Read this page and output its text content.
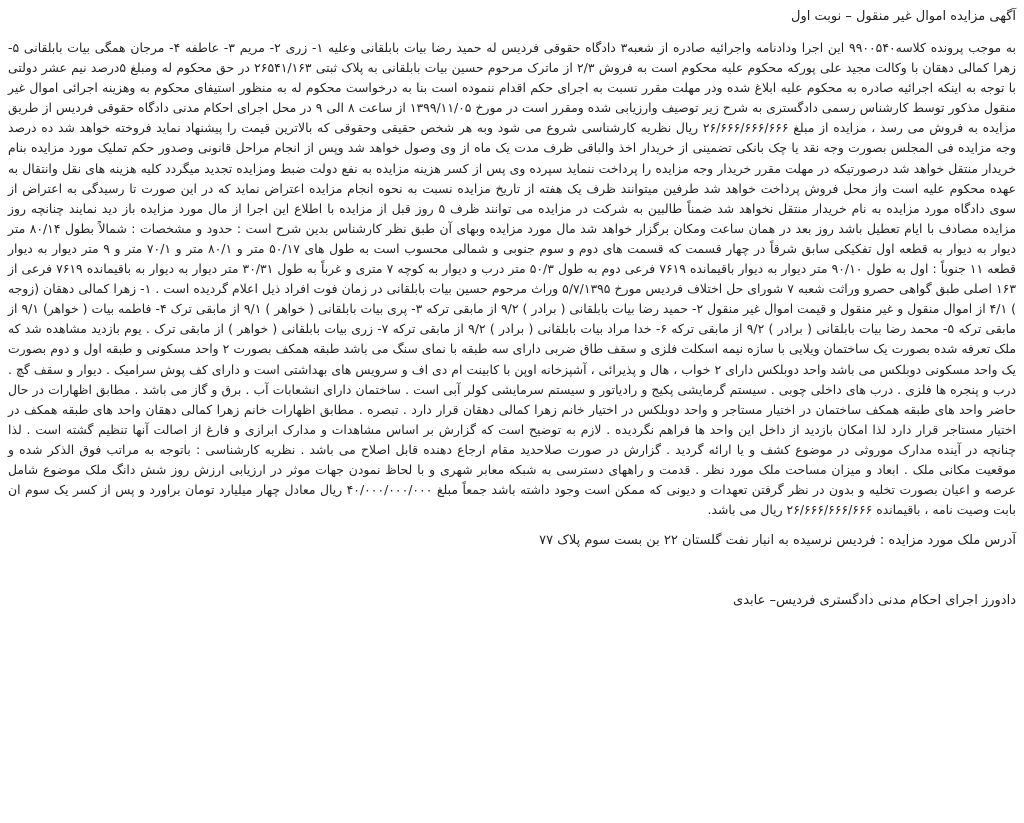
آگهی مزایده اموال غیر منقول – نوبت اول

به موجب پرونده کلاسه۹۹۰۰۵۴۰ این اجرا ودادنامه واجرائیه صادره از شعبه۳ دادگاه حقوقی فردیس له حمید رضا بیات بابلقانی وعلیه ۱- زری ۲- مریم ۳- عاطفه ۴- مرجان همگی بیات بابلقانی ۵- زهرا کمالی دهقان با وکالت مجید علی پورکه محکوم علیه محکوم است به فروش ۲/۳ از ماترک مرحوم حسین بیات بابلقانی به پلاک ثبتی ۲۶۵۴۱/۱۶۳ در حق محکوم له ومبلغ ۵درصد نیم عشر دولتی با توجه به اینکه اجرائیه صادره به محکوم علیه ابلاغ شده ودر مهلت مقرر نسبت به اجرای حکم اقدام ننموده است بنا به درخواست محکوم له به منظور استیفای محکوم به وهزینه اجرائی اموال غیر منقول مذکور توسط کارشناس رسمی دادگستری به شرح زیر توصیف وارزیابی شده ومقرر است در مورخ ۱۳۹۹/۱۱/۰۵ از ساعت ۸ الی ۹ در محل اجرای احکام مدنی دادگاه حقوقی فردیس از طریق مزایده به فروش می رسد ، مزایده از مبلغ ۲۶/۶۶۶/۶۶۶/۶۶۶ ریال نظریه کارشناسی شروع می شود وبه هر شخص حقیقی وحقوقی که بالاترین قیمت را پیشنهاد نماید فروخته خواهد شد ده درصد وجه مزایده فی المجلس بصورت وجه نقد یا چک بانکی تضمینی از خریدار اخذ والباقی ظرف مدت یک ماه از وی وصول خواهد شد وپس از انجام مراحل قانونی وصدور حکم تملیک مورد مزایده بنام خریدار منتقل خواهد شد درصورتیکه در مهلت مقرر خریدار وجه مزایده را پرداخت ننماید سپرده وی پس از کسر هزینه مزایده به نفع دولت ضبط ومزایده تجدید میگردد کلیه هزینه های نقل وانتقال به عهده محکوم علیه است واز محل فروش پرداخت خواهد شد طرفین میتوانند ظرف یک هفته از تاریخ مزایده نسبت به نحوه انجام مزایده اعتراض نماید که در این صورت تا رسیدگی به اعتراض از سوی دادگاه مورد مزایده به نام خریدار منتقل نخواهد شد ضمناً طالبین به شرکت در مزایده می توانند ظرف ۵ روز قبل از مزایده با اطلاع این اجرا از مال مورد مزایده باز دید نمایند چنانچه روز مزایده مصادف با ایام تعطیل باشد روز بعد در همان ساعت ومکان برگزار خواهد شد مال مورد مزایده وبهای آن طبق نظر کارشناس بدین شرح است : حدود و مشخصات : شمالاً بطول ۸۰/۱۴ متر دیوار به دیوار به قطعه اول تفکیکی سابق شرقاً در چهار قسمت که قسمت های دوم و سوم جنوبی و شمالی محسوب است به طول های ۵۰/۱۷ متر و ۸۰/۱ متر و ۷۰/۱ متر و ۹ متر دیوار به دیوار قطعه ۱۱ جنوباً : اول به طول ۹۰/۱۰ متر دیوار به دیوار باقیمانده ۷۶۱۹ فرعی دوم به طول ۵۰/۳ متر درب و دیوار به کوچه ۷ متری و غرباً به طول ۳۰/۳۱ متر دیوار به دیوار به باقیمانده ۷۶۱۹ فرعی از ۱۶۳ اصلی طبق گواهی حصرو وراثت شعبه ۷ شورای حل اختلاف فردیس مورخ ۵/۷/۱۳۹۵ وراث مرحوم حسین بیات بابلقانی در زمان فوت افراد ذیل اعلام گردیده است . ۱- زهرا کمالی دهقان (زوجه ) ۴/۱ از اموال منقول و غیر منقول و قیمت اموال غیر منقول ۲- حمید رضا بیات بابلقانی ( برادر ) ۹/۲ از مابقی ترکه ۳- پری بیات بابلقانی ( خواهر ) ۹/۱ از مابقی ترک ۴- فاطمه بیات ( خواهر) ۹/۱ از مابقی ترکه ۵- محمد رضا بیات بابلقانی ( برادر ) ۹/۲ از مابقی ترکه ۶- خدا مراد بیات بابلقانی ( برادر ) ۹/۲ از مابقی ترکه ۷- زری بیات بابلقانی ( خواهر ) از مابقی ترک . یوم بازدید مشاهده شد که ملک تعرفه شده بصورت یک ساختمان ویلایی با سازه نیمه اسکلت فلزی و سقف طاق ضربی دارای سه طبقه با نمای سنگ می باشد طبقه همکف بصورت ۲ واحد مسکونی و طبقه اول و دوم بصورت یک واحد مسکونی دوبلکس می باشد واحد دوبلکس دارای ۲ خواب ، هال و پذیرائی ، آشپزخانه اوپن با کابینت ام دی اف و سرویس های بهداشتی است و دارای کف پوش سرامیک . دیوار و سقف گچ . درب و پنجره ها فلزی . درب های داخلی چوبی . سیستم گرمایشی پکیج و رادیاتور و سیستم سرمایشی کولر آبی است . ساختمان دارای انشعابات آب . برق و گاز می باشد . مطابق اظهارات در حال حاضر واحد های طبقه همکف ساختمان در اختیار مستاجر و واحد دوبلکس در اختیار خانم زهرا کمالی دهقان قرار دارد . تبصره . مطابق اظهارات خانم زهرا کمالی دهقان واحد های طبقه همکف در اختیار مستاجر قرار دارد لذا امکان بازدید از داخل این واحد ها فراهم نگردیده . لازم به توضیح است که گزارش بر اساس مشاهدات و مدارک ابرازی و فارغ از اصالت آنها تنظیم گشته است . لذا چنانچه در آینده مدارک موروثی در موضوع کشف و یا ارائه گردید . گزارش در صورت صلاحدید مقام ارجاع دهنده قابل اصلاح می باشد . نظریه کارشناسی : باتوجه به مراتب فوق الذکر شده و موقعیت مکانی ملک . ابعاد و میزان مساحت ملک مورد نظر . قدمت و راههای دسترسی به شبکه معابر شهری و با لحاظ نمودن جهات موثر در ارزیابی ارزش روز شش دانگ ملک موضوع شامل عرصه و اعیان بصورت تخلیه و بدون در نظر گرفتن تعهدات و دیونی که ممکن است وجود داشته باشد جمعاً مبلغ ۴۰/۰۰۰/۰۰۰/۰۰۰ ریال معادل چهار میلیارد تومان براورد و پس از کسر یک سوم ان بابت وصیت نامه ، باقیمانده ۲۶/۶۶۶/۶۶۶/۶۶۶ ریال می باشد.

آدرس ملک مورد مزایده : فردیس نرسیده به انبار نفت گلستان ۲۲ بن بست سوم پلاک ۷۷
دادورز اجرای احکام مدنی دادگستری فردیس– عابدی
